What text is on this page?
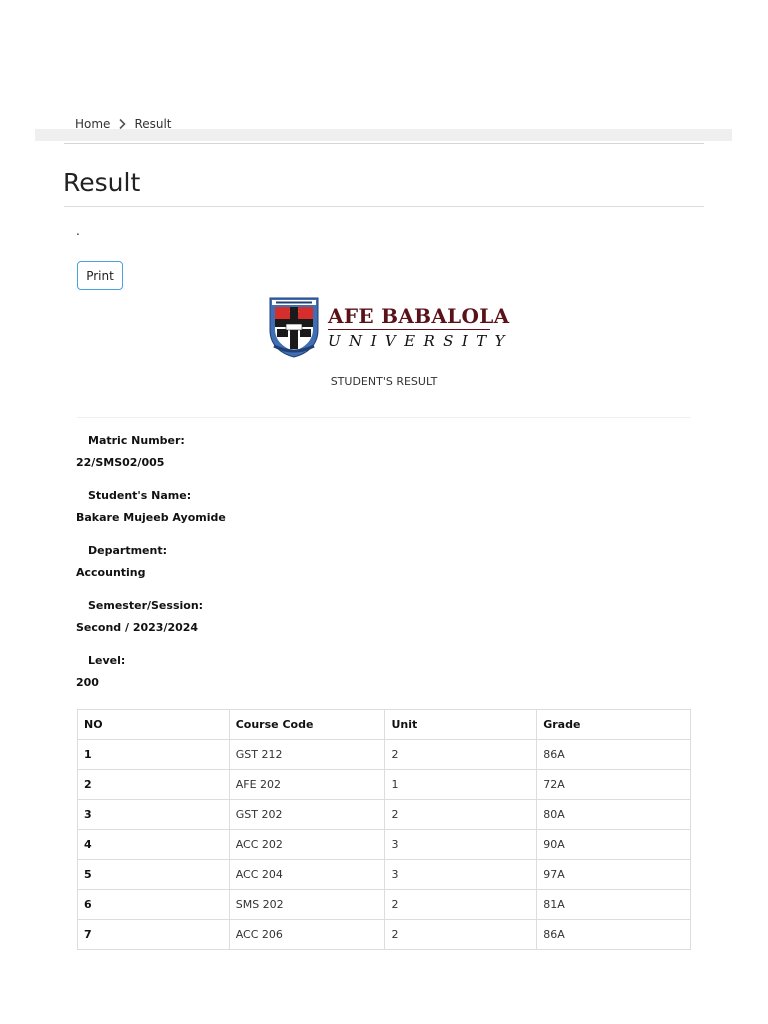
Home Result
Result
.
Print
AFE BABALOLA
UNIVERSITY
STUDENT'S RESULT
Matric Number:
22/SMS02/005
Student's Name:
Bakare Mujeeb Ayomide
Department:
Accounting
Semester/Session:
Second / 2023/2024
Level:
200
NO	Course Code	Unit	Grade
1	GST 212	2	86A
2	AFE 202	1	72A
3	GST 202	2	80A
4	ACC 202	3	90A
5	ACC 204	3	97A
6	SMS 202	2	81A
7	ACC 206	2	86A
